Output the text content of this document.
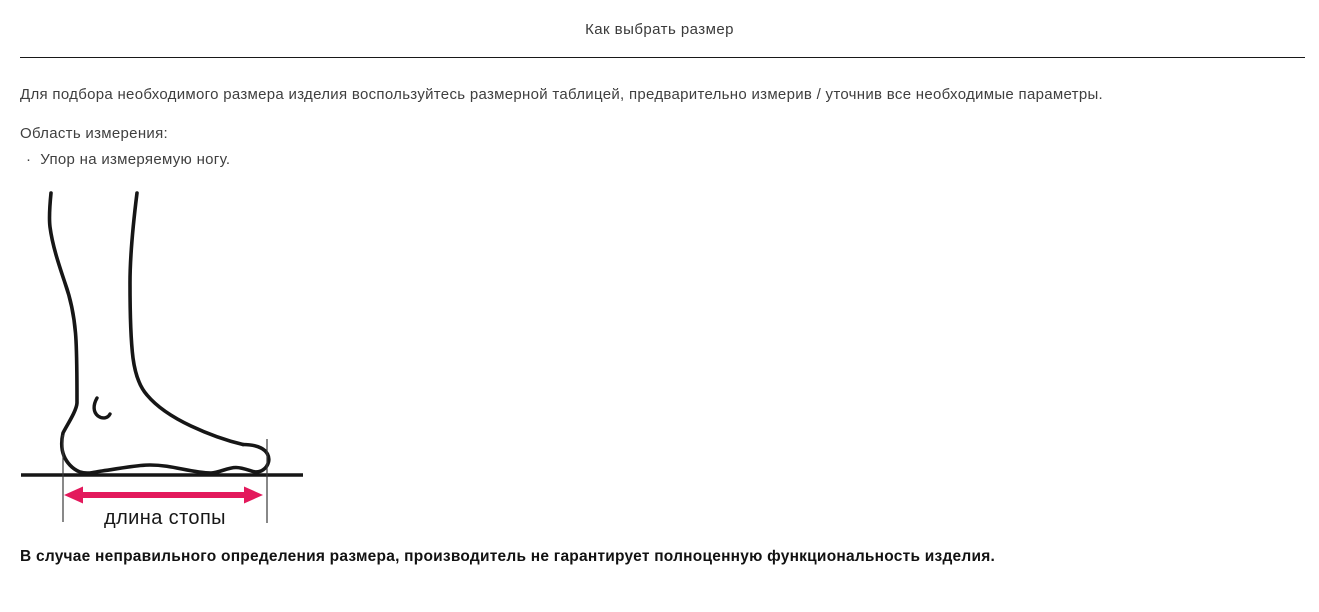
Как выбрать размер

Для подбора необходимого размера изделия воспользуйтесь размерной таблицей, предварительно измерив / уточнив все необходимые параметры.

Область измерения:
· Упор на измеряемую ногу.
длина стопы

В случае неправильного определения размера, производитель не гарантирует полноценную функциональность изделия.
